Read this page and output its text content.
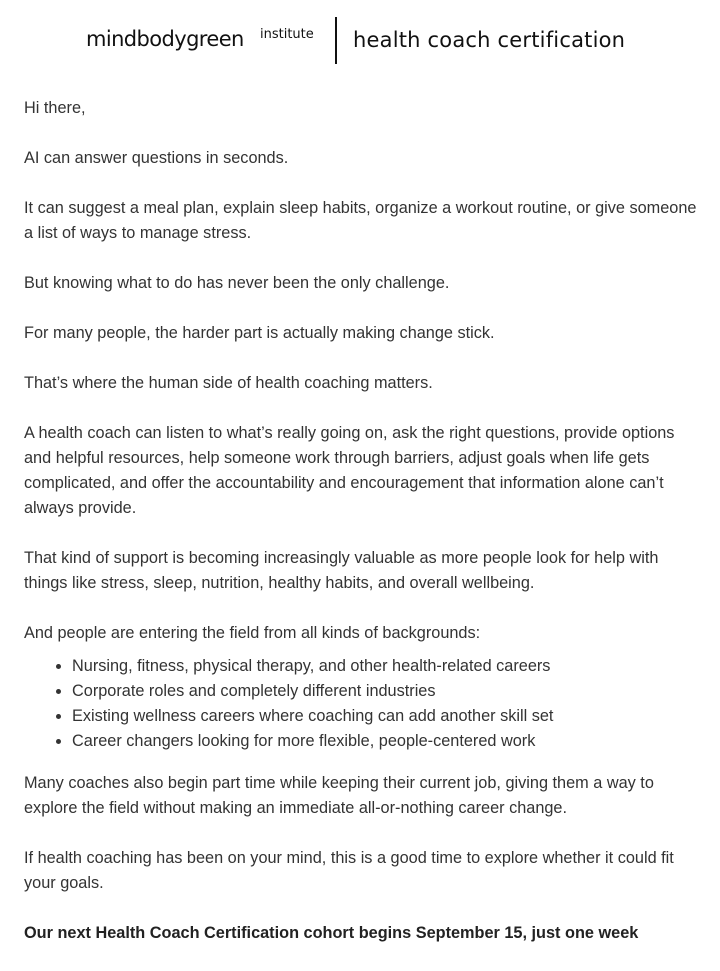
mindbodygreen institute health coach certification

Hi there,

AI can answer questions in seconds.

It can suggest a meal plan, explain sleep habits, organize a workout routine, or give someone a list of ways to manage stress.

But knowing what to do has never been the only challenge.

For many people, the harder part is actually making change stick.

That’s where the human side of health coaching matters.

A health coach can listen to what’s really going on, ask the right questions, provide options and helpful resources, help someone work through barriers, adjust goals when life gets complicated, and offer the accountability and encouragement that information alone can’t always provide.

That kind of support is becoming increasingly valuable as more people look for help with things like stress, sleep, nutrition, healthy habits, and overall wellbeing.

And people are entering the field from all kinds of backgrounds:

• Nursing, fitness, physical therapy, and other health-related careers
• Corporate roles and completely different industries
• Existing wellness careers where coaching can add another skill set
• Career changers looking for more flexible, people-centered work

Many coaches also begin part time while keeping their current job, giving them a way to explore the field without making an immediate all-or-nothing career change.

If health coaching has been on your mind, this is a good time to explore whether it could fit your goals.

Our next Health Coach Certification cohort begins September 15, just one week
